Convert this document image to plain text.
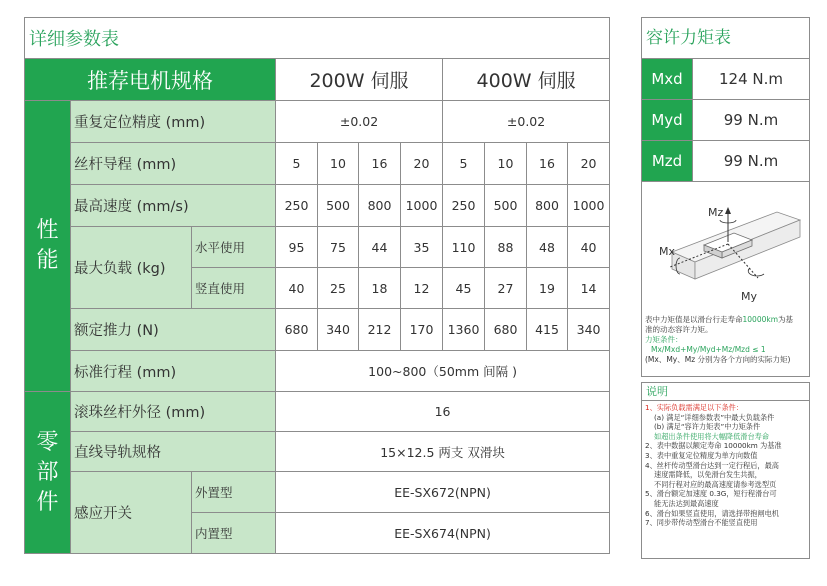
详细参数表										
推荐电机规格			200W 伺服				400W 伺服			
性
能	重复定位精度 (mm)		±0.02				±0.02			
	丝杆导程 (mm)		5	10	16	20	5	10	16	20
	最高速度 (mm/s)		250	500	800	1000	250	500	800	1000
	最大负载 (kg)	水平使用	95	75	44	35	110	88	48	40
		竖直使用	40	25	18	12	45	27	19	14
	额定推力 (N)		680	340	212	170	1360	680	415	340
	标准行程 (mm)		100~800（50mm 间隔 )							
零
部
件	滚珠丝杆外径 (mm)		16							
	直线导轨规格		15×12.5 两支 双滑块							
	感应开关	外置型	EE-SX672(NPN)							
		内置型	EE-SX674(NPN)							
容许力矩表
Mxd	124 N.m
Myd	99 N.m
Mzd	99 N.m
Mz
Mx
My
表中力矩值是以滑台行走寿命10000km为基
准的动态容许力矩。
力矩条件：
Mx/Mxd+My/Myd+Mz/Mzd ≤ 1
(Mx、My、Mz 分别为各个方向的实际力矩)
说明
1、实际负载需满足以下条件：
(a) 满足“详细参数表”中最大负载条件
(b) 满足“容许力矩表”中力矩条件
如超出条件使用将大幅降低滑台寿命
2、表中数据以额定寿命 10000km 为基准
3、表中重复定位精度为单方向数值
4、丝杆传动型滑台达到一定行程后，最高
速度需降低，以免滑台发生共振，
不同行程对应的最高速度请参考选型页
5、滑台额定加速度 0.3G，短行程滑台可
能无法达到最高速度
6、滑台如果竖直使用，请选择带抱闸电机
7、同步带传动型滑台不能竖直使用
